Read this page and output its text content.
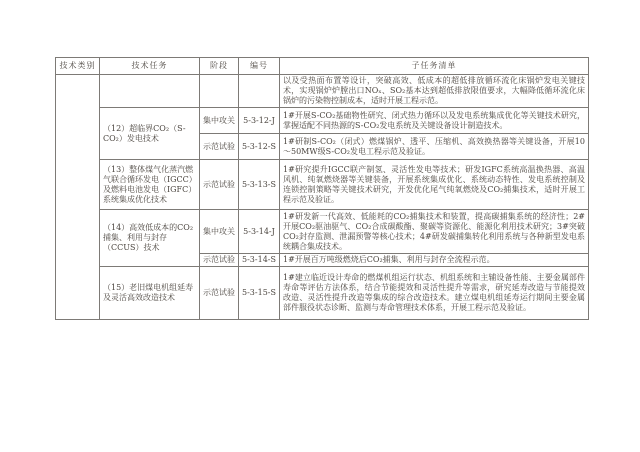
技术类别	技术任务	阶段	编号	子任务清单
				以及受热面布置等设计，突破高效、低成本的超低排放循环流化床锅炉发电关键技术，实现锅炉炉膛出口NOₓ、SO₂基本达到超低排放限值要求，大幅降低循环流化床锅炉的污染物控制成本，适时开展工程示范。
	（12）超临界CO₂（S-CO₂）发电技术	集中攻关	5-3-12-J	1#开展S-CO₂基础物性研究、闭式热力循环以及发电系统集成优化等关键技术研究，掌握适配不同热源的S-CO₂发电系统及关键设备设计制造技术。
		示范试验	5-3-12-S	1#研制S-CO₂（闭式）燃煤锅炉、透平、压缩机、高效换热器等关键设备，开展10～50MW级S-CO₂发电工程示范及验证。
	（13）整体煤气化蒸汽燃气联合循环发电（IGCC）及燃料电池发电（IGFC）系统集成优化技术	示范试验	5-3-13-S	1#研究提升IGCC联产制氢、灵活性发电等技术；研发IGFC系统高温换热器、高温风机、纯氧燃烧器等关键装备，开展系统集成优化、系统动态特性、发电系统控制及连锁控制策略等关键技术研究，开发优化尾气纯氧燃烧及CO₂捕集技术，适时开展工程示范及验证。
	（14）高效低成本的CO₂捕集、利用与封存（CCUS）技术	集中攻关	5-3-14-J	1#研发新一代高效、低能耗的CO₂捕集技术和装置，提高碳捕集系统的经济性；2#开展CO₂驱油驱气、CO₂合成碳酸酯、聚碳等资源化、能源化利用技术研究；3#突破CO₂封存监测、泄漏预警等核心技术；4#研发碳捕集转化利用系统与各种新型发电系统耦合集成技术。
		示范试验	5-3-14-S	1#开展百万吨级燃烧后CO₂捕集、利用与封存全流程示范。
	（15）老旧煤电机组延寿及灵活高效改造技术	示范试验	5-3-15-S	1#建立临近设计寿命的燃煤机组运行状态、机组系统和主辅设备性能、主要金属部件寿命等评估方法体系，结合节能提效和灵活性提升等需求，研究延寿改造与节能提效改造、灵活性提升改造等集成的综合改造技术。建立煤电机组延寿运行期间主要金属部件服役状态诊断、监测与寿命管理技术体系，开展工程示范及验证。
